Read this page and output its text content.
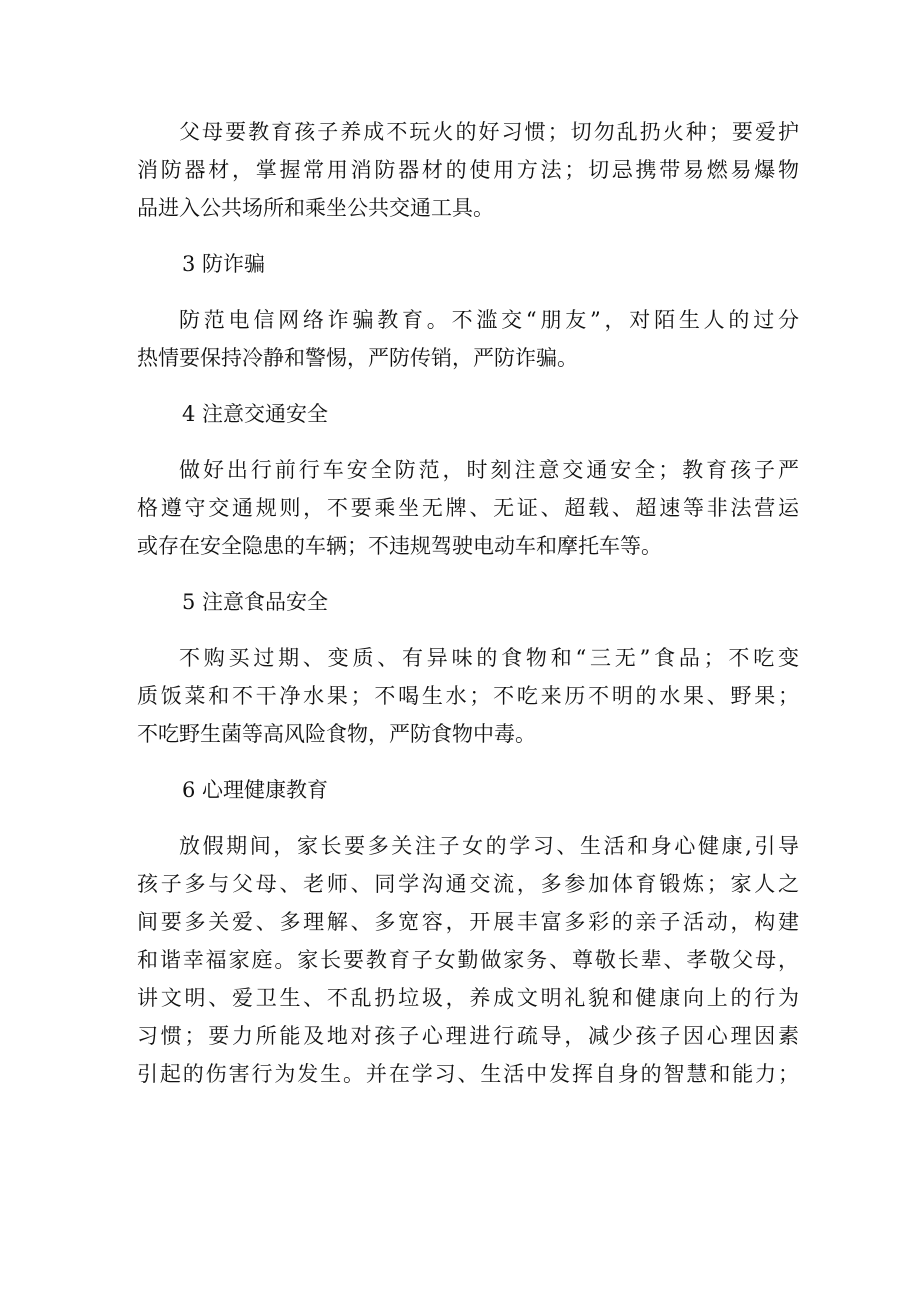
父母要教育孩子养成不玩火的好习惯；切勿乱扔火种；要爱护
消防器材，掌握常用消防器材的使用方法；切忌携带易燃易爆物
品进入公共场所和乘坐公共交通工具。
3 防诈骗
防范电信网络诈骗教育。不滥交“朋友”，对陌生人的过分
热情要保持冷静和警惕，严防传销，严防诈骗。
4 注意交通安全
做好出行前行车安全防范，时刻注意交通安全；教育孩子严
格遵守交通规则，不要乘坐无牌、无证、超载、超速等非法营运
或存在安全隐患的车辆；不违规驾驶电动车和摩托车等。
5 注意食品安全
不购买过期、变质、有异味的食物和“三无”食品；不吃变
质饭菜和不干净水果；不喝生水；不吃来历不明的水果、野果；
不吃野生菌等高风险食物，严防食物中毒。
6 心理健康教育
放假期间，家长要多关注子女的学习、生活和身心健康,引导
孩子多与父母、老师、同学沟通交流，多参加体育锻炼；家人之
间要多关爱、多理解、多宽容，开展丰富多彩的亲子活动，构建
和谐幸福家庭。家长要教育子女勤做家务、尊敬长辈、孝敬父母，
讲文明、爱卫生、不乱扔垃圾，养成文明礼貌和健康向上的行为
习惯；要力所能及地对孩子心理进行疏导，减少孩子因心理因素
引起的伤害行为发生。并在学习、生活中发挥自身的智慧和能力；
